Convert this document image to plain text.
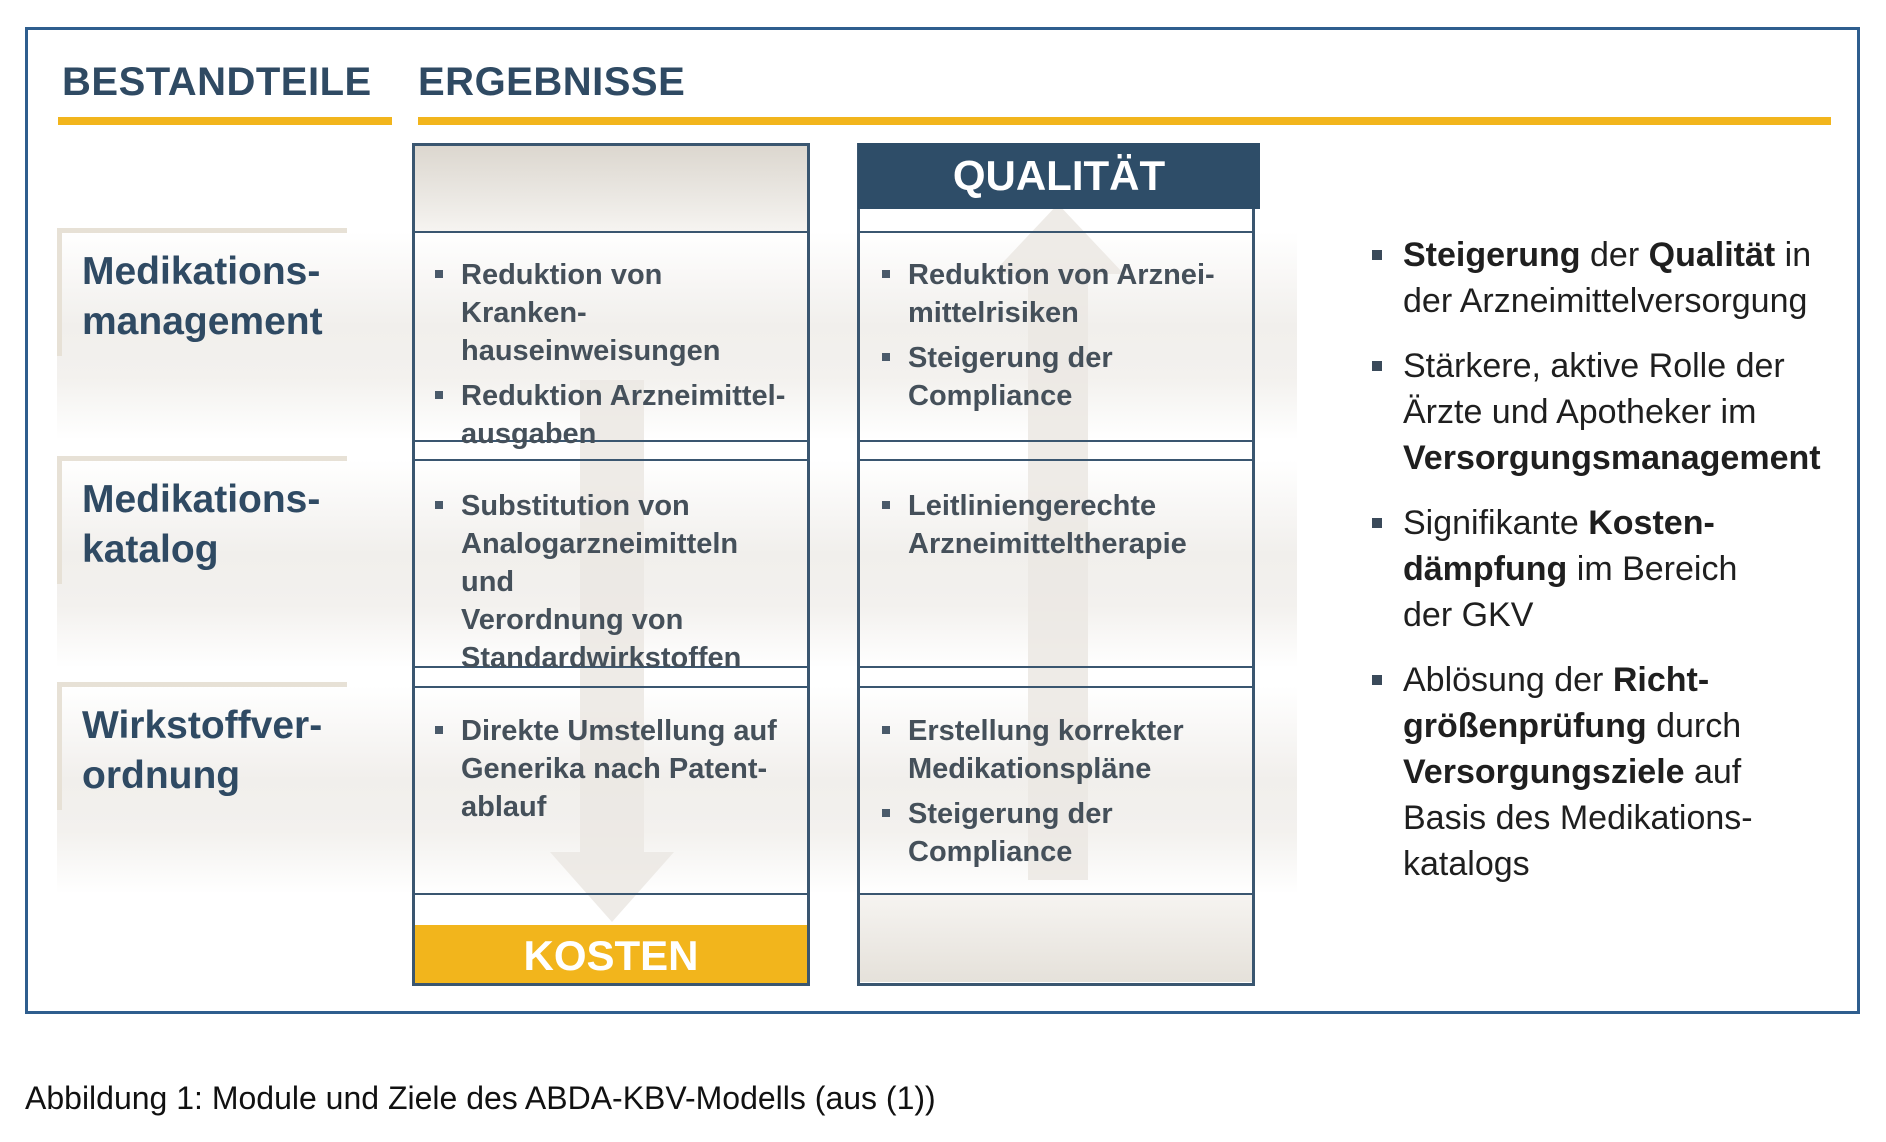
BESTANDTEILE ERGEBNISSE
Medikations-
management
Medikations-
katalog
Wirkstoffver-
ordnung
KOSTEN
QUALITÄT
Reduktion von Kranken-
hauseinweisungen
Reduktion Arzneimittel-
ausgaben
Substitution von
Analogarzneimitteln und
Verordnung von
Standardwirkstoffen
Direkte Umstellung auf
Generika nach Patent-
ablauf
Reduktion von Arznei-
mittelrisiken
Steigerung der
Compliance
Leitliniengerechte
Arzneimitteltherapie
Erstellung korrekter
Medikationspläne
Steigerung der
Compliance
Steigerung der Qualität in
der Arzneimittelversorgung
Stärkere, aktive Rolle der
Ärzte und Apotheker im
Versorgungsmanagement
Signifikante Kosten-
dämpfung im Bereich
der GKV
Ablösung der Richt-
größenprüfung durch
Versorgungsziele auf
Basis des Medikations-
katalogs
Abbildung 1: Module und Ziele des ABDA-KBV-Modells (aus (1))
